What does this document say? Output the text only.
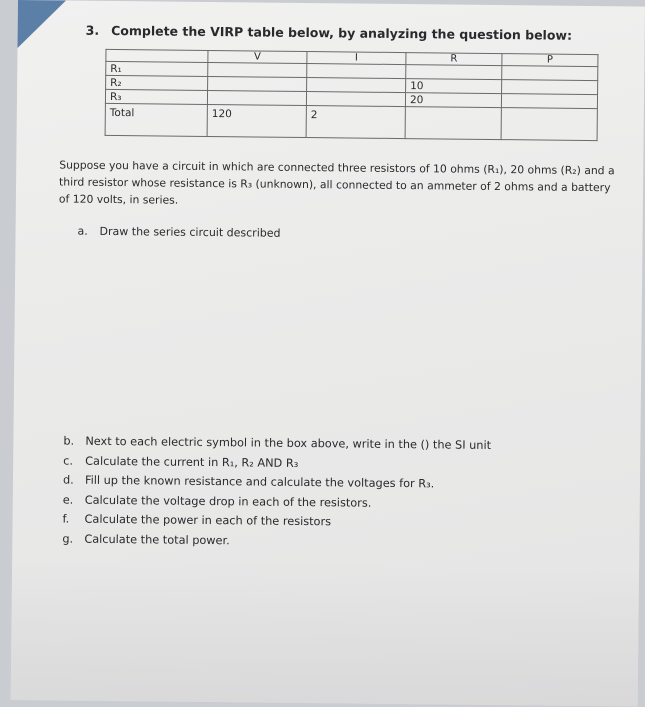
3. Complete the VIRP table below, by analyzing the question below:
	V	I	R	P
R₁				
R₂			10	
R₃			20	
Total	120	2		
Suppose you have a circuit in which are connected three resistors of 10 ohms (R₁), 20 ohms (R₂) and a third resistor whose resistance is R₃ (unknown), all connected to an ammeter of 2 ohms and a battery of 120 volts, in series.
a. Draw the series circuit described
b. Next to each electric symbol in the box above, write in the () the SI unit
c. Calculate the current in R₁, R₂ AND R₃
d. Fill up the known resistance and calculate the voltages for R₃.
e. Calculate the voltage drop in each of the resistors.
f. Calculate the power in each of the resistors
g. Calculate the total power.
